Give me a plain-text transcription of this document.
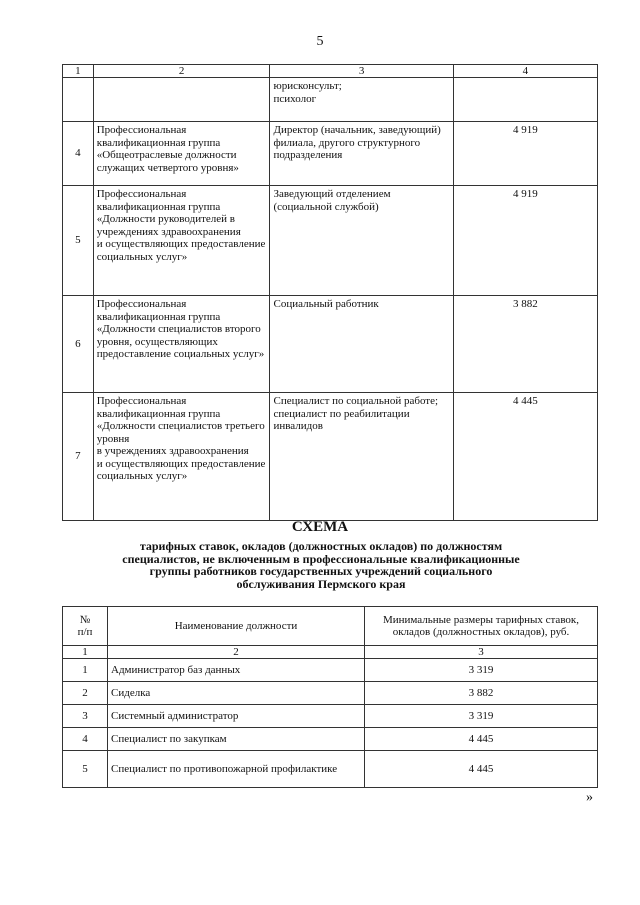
5
1	2	3	4
		юрисконсульт;
психолог	
4	Профессиональная квалификационная группа «Общеотраслевые должности служащих четвертого уровня»	Директор (начальник, заведующий) филиала, другого структурного подразделения	4 919
5	Профессиональная квалификационная группа «Должности руководителей в учреждениях здравоохранения
и осуществляющих предоставление социальных услуг»	Заведующий отделением (социальной службой)	4 919
6	Профессиональная квалификационная группа «Должности специалистов второго уровня, осуществляющих предоставление социальных услуг»	Социальный работник	3 882
7	Профессиональная квалификационная группа «Должности специалистов третьего уровня
в учреждениях здравоохранения
и осуществляющих предоставление социальных услуг»	Специалист по социальной работе;
специалист по реабилитации инвалидов	4 445
СХЕМА
тарифных ставок, окладов (должностных окладов) по должностям
специалистов, не включенным в профессиональные квалификационные
группы работников государственных учреждений социального
обслуживания Пермского края
№
п/п	Наименование должности	Минимальные размеры тарифных ставок, окладов (должностных окладов), руб.
1	2	3
1	Администратор баз данных	3 319
2	Сиделка	3 882
3	Системный администратор	3 319
4	Специалист по закупкам	4 445
5	Специалист по противопожарной профилактике	4 445
»
